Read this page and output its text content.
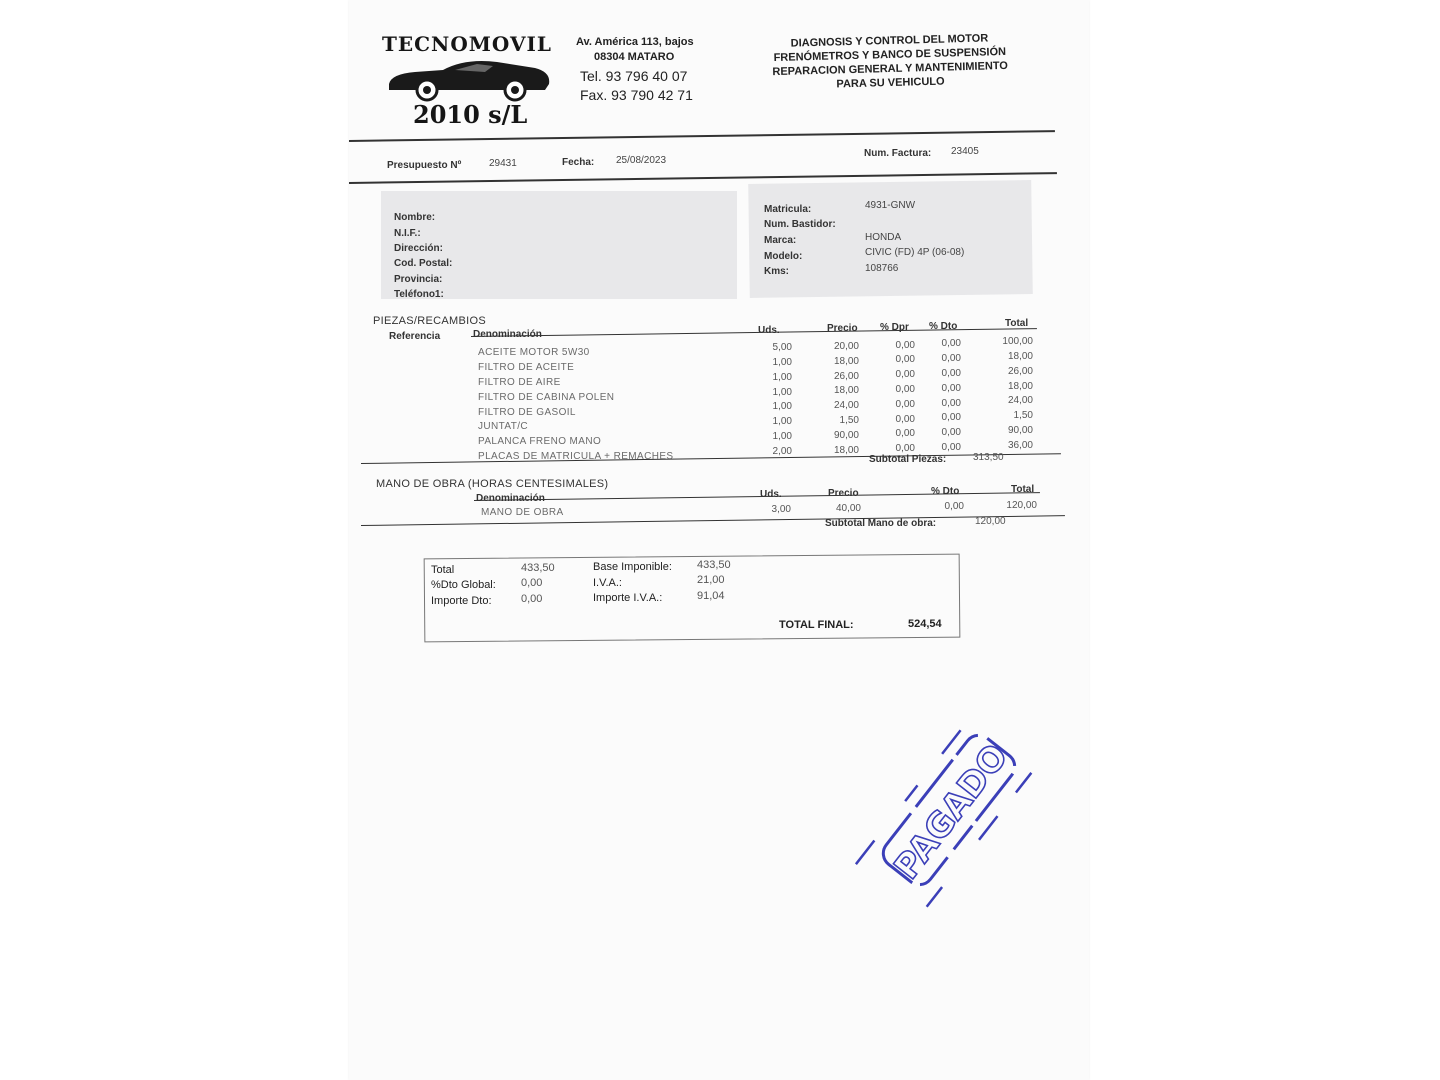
TECNOMOVIL
2010 s/L
Av. América 113, bajos
08304 MATARO
Tel. 93 796 40 07
Fax. 93 790 42 71
DIAGNOSIS Y CONTROL DEL MOTOR
FRENÓMETROS Y BANCO DE SUSPENSIÓN
REPARACION GENERAL Y MANTENIMIENTO
PARA SU VEHICULO
Presupuesto Nº	29431	Fecha: 25/08/2023
Num. Factura: 23405
Nombre:
N.I.F.:
Dirección:
Cod. Postal:
Provincia:
Teléfono1:
Matricula:	4931-GNW
Num. Bastidor:
Marca:	HONDA
Modelo:	CIVIC (FD) 4P (06-08)
Kms:	108766
PIEZAS/RECAMBIOS
Referencia	Denominación	Uds.	Precio % Dpr % Dto	Total
Subtotal Piezas:	313,50
MANO DE OBRA (HORAS CENTESIMALES)
Denominación	Uds.	Precio	% Dto	Total
MANO DE OBRA	3,00	40,00	0,00	120,00
Subtotal Mano de obra:	120,00
Total	433,50
%Dto Global: 0,00
Importe Dto:	0,00
Base Imponible: 433,50
I.V.A.:	21,00
Importe I.V.A.:	91,04
TOTAL FINAL:	524,54
PAGADO
ACEITE MOTOR 5W30	5,00	20,00	0,00	0,00	100,00
FILTRO DE ACEITE	1,00	18,00	0,00	0,00	18,00
FILTRO DE AIRE	1,00	26,00	0,00	0,00	26,00
FILTRO DE CABINA POLEN	1,00	18,00	0,00	0,00	18,00
FILTRO DE GASOIL	1,00	24,00	0,00	0,00	24,00
JUNTAT/C	1,00	1,50	0,00	0,00	1,50
PALANCA FRENO MANO	1,00	90,00	0,00	0,00	90,00
PLACAS DE MATRICULA + REMACHES	2,00	18,00	0,00	0,00	36,00
